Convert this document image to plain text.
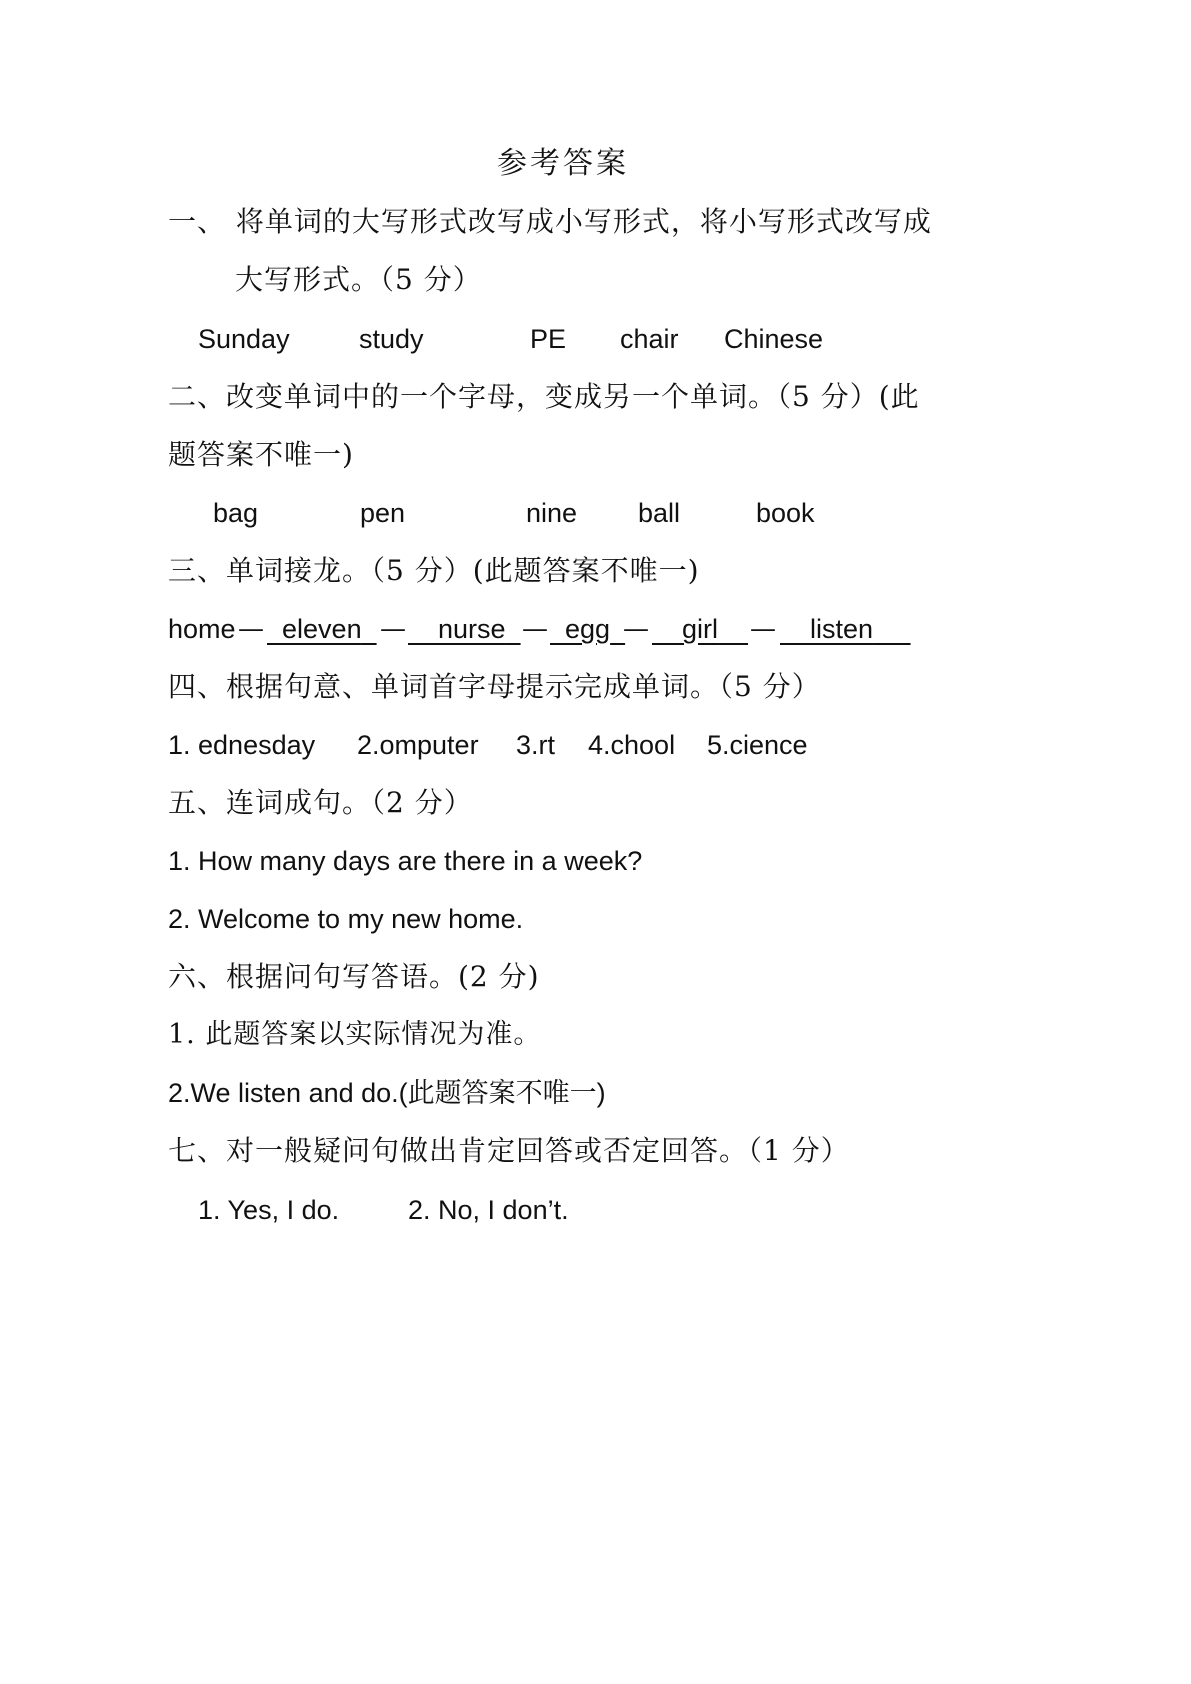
参考答案
一、 将单词的大写形式改写成小写形式，将小写形式改写成
大写形式。（5 分）
Sunday	study	PE chair Chinese
二、改变单词中的一个字母，变成另一个单词。（5 分）(此
题答案不唯一)
bag	pen	nine ball	book
三、单词接龙。（5 分）(此题答案不唯一)
home — eleven —	nurse — egg —	girl	—	listen
四、根据句意、单词首字母提示完成单词。（5 分）
1. ednesday 2.omputer 3.rt 4.chool 5.cience
五、连词成句。（2 分）
1. How many days are there in a week?
2. Welcome to my new home.
六、根据问句写答语。(2 分)
1. 此题答案以实际情况为准。
2.We listen and do.(此题答案不唯一)
七、对一般疑问句做出肯定回答或否定回答。（1 分）
1. Yes, I do.	2. No, I don’t.
